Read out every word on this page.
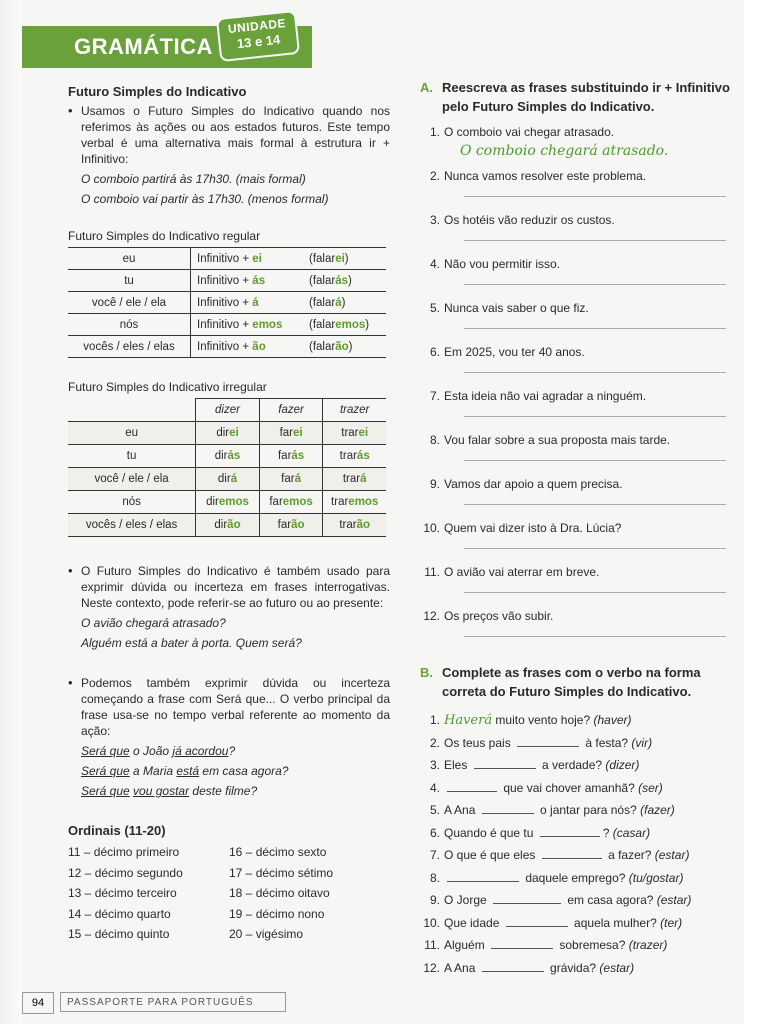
GRAMÁTICA
UNIDADE
13 e 14

Futuro Simples do Indicativo

• Usamos o Futuro Simples do Indicativo quando nos referimos às ações ou aos estados futuros. Este tempo verbal é uma alternativa mais formal à estrutura ir + Infinitivo:

O comboio partirá às 17h30. (mais formal)
O comboio vai partir às 17h30. (menos formal)

Futuro Simples do Indicativo regular

eu	Infinitivo + ei	(falarei)
tu	Infinitivo + ás	(falarás)
você / ele / ela	Infinitivo + á	(falará)
nós	Infinitivo + emos	(falaremos)
vocês / eles / elas	Infinitivo + ão	(falarão)

Futuro Simples do Indicativo irregular

	dizer	fazer	trazer
eu	direi	farei	trarei
tu	dirás	farás	trarás
você / ele / ela	dirá	fará	trará
nós	diremos	faremos	traremos
vocês / eles / elas	dirão	farão	trarão

• O Futuro Simples do Indicativo é também usado para exprimir dúvida ou incerteza em frases interrogativas. Neste contexto, pode referir-se ao futuro ou ao presente:

O avião chegará atrasado?
Alguém está a bater à porta. Quem será?

• Podemos também exprimir dúvida ou incerteza começando a frase com Será que... O verbo principal da frase usa-se no tempo verbal referente ao momento da ação:

Será que o João já acordou?
Será que a Maria está em casa agora?
Será que vou gostar deste filme?

Ordinais (11-20)

11 – décimo primeiro
12 – décimo segundo
13 – décimo terceiro
14 – décimo quarto
15 – décimo quinto
16 – décimo sexto
17 – décimo sétimo
18 – décimo oitavo
19 – décimo nono
20 – vigésimo

A. Reescreva as frases substituindo ir + Infinitivo pelo Futuro Simples do Indicativo.

1. O comboio vai chegar atrasado.
O comboio chegará atrasado.
2. Nunca vamos resolver este problema.
3. Os hotéis vão reduzir os custos.
4. Não vou permitir isso.
5. Nunca vais saber o que fiz.
6. Em 2025, vou ter 40 anos.
7. Esta ideia não vai agradar a ninguém.
8. Vou falar sobre a sua proposta mais tarde.
9. Vamos dar apoio a quem precisa.
10. Quem vai dizer isto à Dra. Lúcia?
11. O avião vai aterrar em breve.
12. Os preços vão subir.

B. Complete as frases com o verbo na forma correta do Futuro Simples do Indicativo.

1. Haverá muito vento hoje? (haver)
2. Os teus pais	à festa? (vir)
3. Eles	a verdade? (dizer)
4.	que vai chover amanhã? (ser)
5. A Ana	o jantar para nós? (fazer)
6. Quando é que tu	? (casar)
7. O que é que eles	a fazer? (estar)
8.	daquele emprego? (tu/gostar)
9. O Jorge	em casa agora? (estar)
10. Que idade	aquela mulher? (ter)
11. Alguém	sobremesa? (trazer)
12. A Ana	grávida? (estar)
94	PASSAPORTE PARA PORTUGUÊS
